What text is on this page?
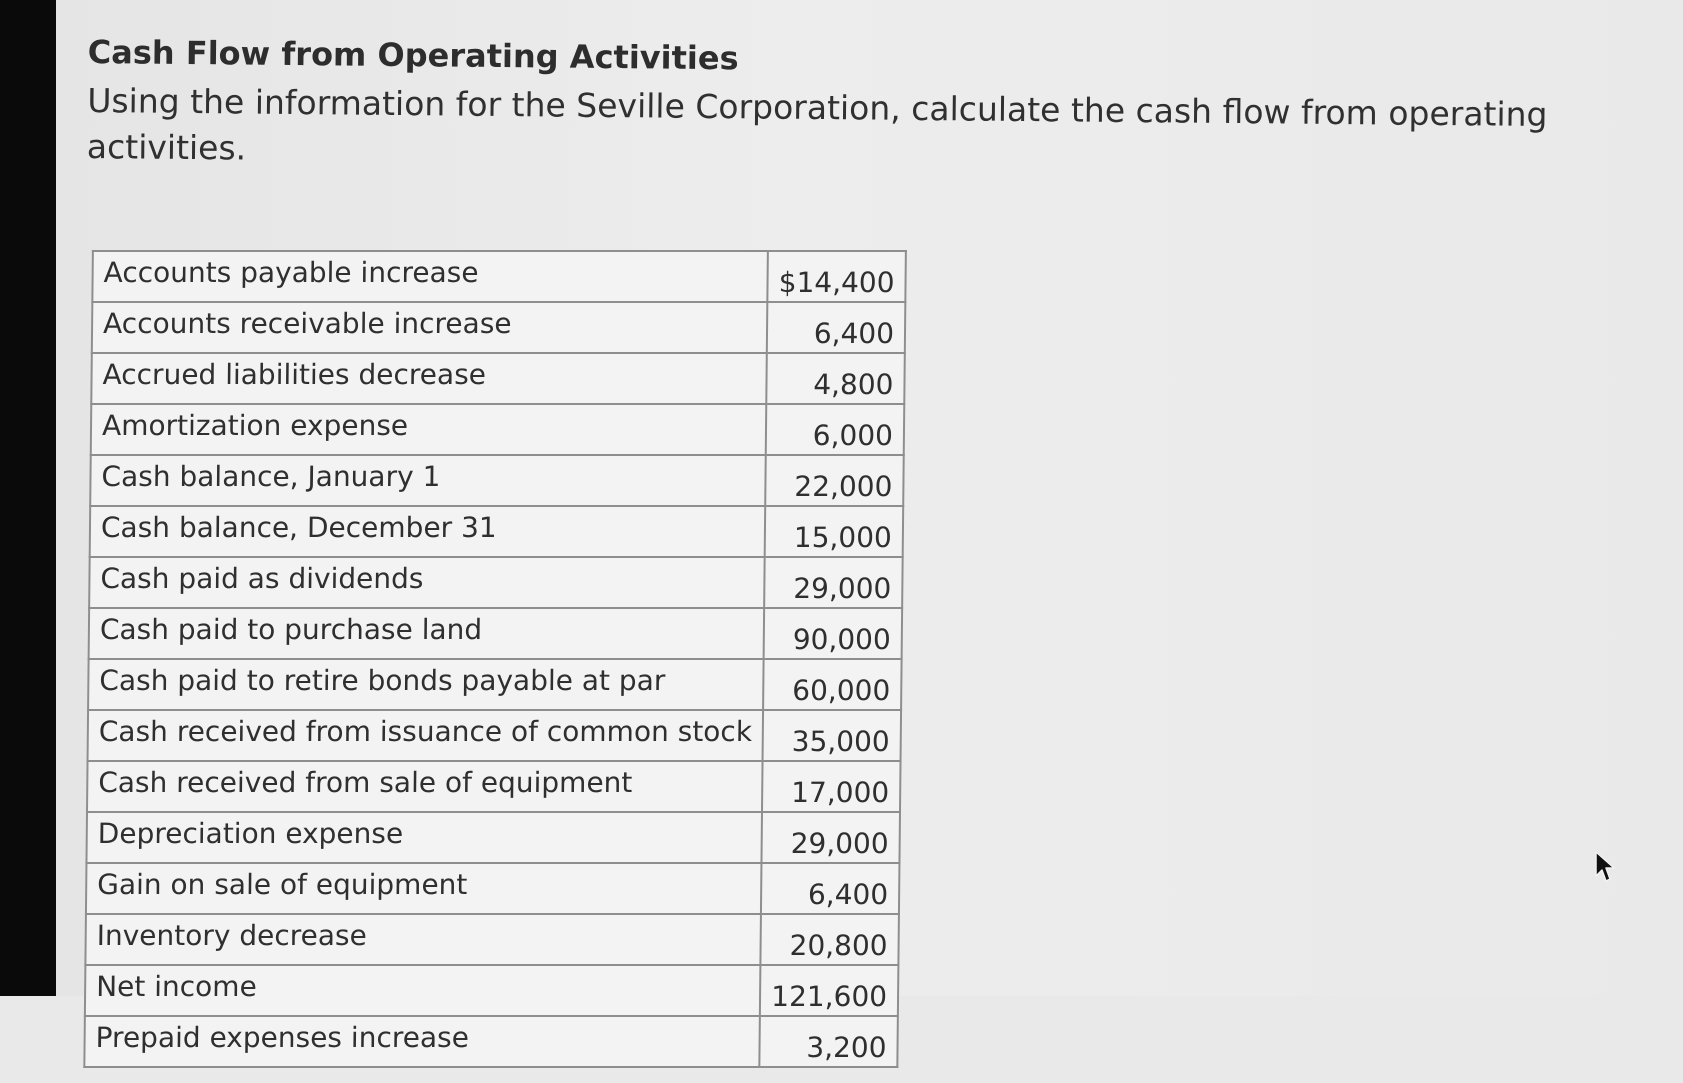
Cash Flow from Operating Activities

Using the information for the Seville Corporation, calculate the cash flow from operating activities.

Accounts payable increase	$14,400
Accounts receivable increase	6,400
Accrued liabilities decrease	4,800
Amortization expense	6,000
Cash balance, January 1	22,000
Cash balance, December 31	15,000
Cash paid as dividends	29,000
Cash paid to purchase land	90,000
Cash paid to retire bonds payable at par	60,000
Cash received from issuance of common stock	35,000
Cash received from sale of equipment	17,000
Depreciation expense	29,000
Gain on sale of equipment	6,400
Inventory decrease	20,800
Net income	121,600
Prepaid expenses increase	3,200
